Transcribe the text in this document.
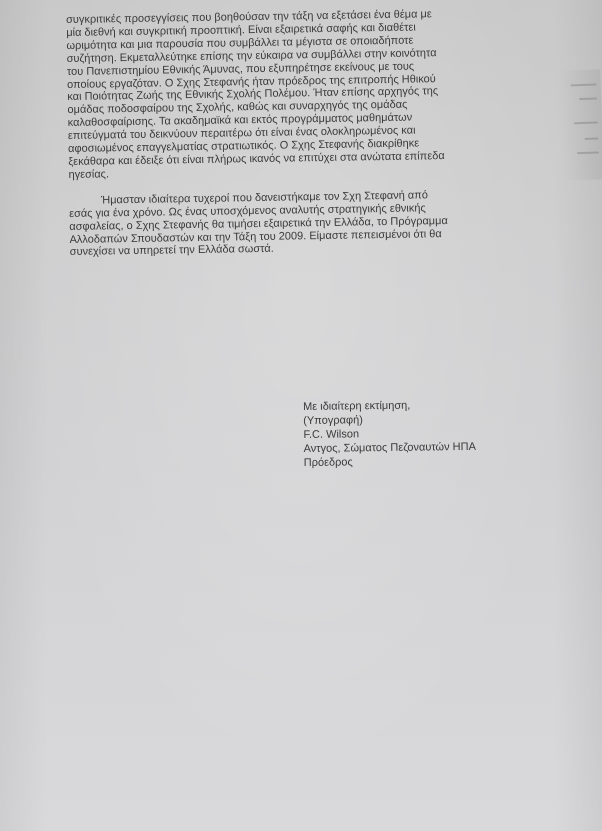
συγκριτικές προσεγγίσεις που βοηθούσαν την τάξη να εξετάσει ένα θέμα με
μία διεθνή και συγκριτική προοπτική. Είναι εξαιρετικά σαφής και διαθέτει
ωριμότητα και μια παρουσία που συμβάλλει τα μέγιστα σε οποιαδήποτε
συζήτηση. Εκμεταλλεύτηκε επίσης την εύκαιρα να συμβάλλει στην κοινότητα
του Πανεπιστημίου Εθνικής Άμυνας, που εξυπηρέτησε εκείνους με τους
οποίους εργαζόταν. Ο Σχης Στεφανής ήταν πρόεδρος της επιτροπής Ηθικού
και Ποιότητας Ζωής της Εθνικής Σχολής Πολέμου. Ήταν επίσης αρχηγός της
ομάδας ποδοσφαίρου της Σχολής, καθώς και συναρχηγός της ομάδας
καλαθοσφαίρισης. Τα ακαδημαϊκά και εκτός προγράμματος μαθημάτων
επιτεύγματά του δεικνύουν περαιτέρω ότι είναι ένας ολοκληρωμένος και
αφοσιωμένος επαγγελματίας στρατιωτικός. Ο Σχης Στεφανής διακρίθηκε
ξεκάθαρα και έδειξε ότι είναι πλήρως ικανός να επιτύχει στα ανώτατα επίπεδα
ηγεσίας.
Ήμασταν ιδιαίτερα τυχεροί που δανειστήκαμε τον Σχη Στεφανή από
εσάς για ένα χρόνο. Ως ένας υποσχόμενος αναλυτής στρατηγικής εθνικής
ασφαλείας, ο Σχης Στεφανής θα τιμήσει εξαιρετικά την Ελλάδα, το Πρόγραμμα
Αλλοδαπών Σπουδαστών και την Τάξη του 2009. Είμαστε πεπεισμένοι ότι θα
συνεχίσει να υπηρετεί την Ελλάδα σωστά.
Με ιδιαίτερη εκτίμηση,
(Υπογραφή)
F.C. Wilson
Αντγος, Σώματος Πεζοναυτών ΗΠΑ
Πρόεδρος
